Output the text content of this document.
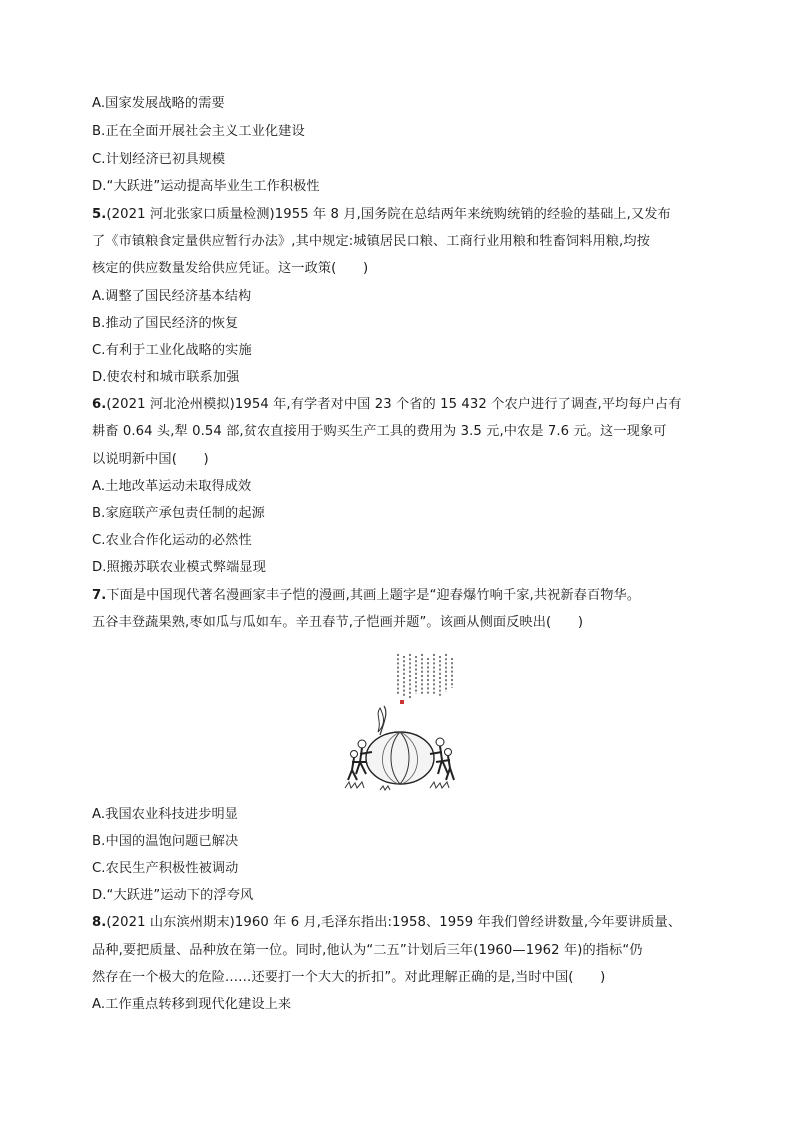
A.国家发展战略的需要
B.正在全面开展社会主义工业化建设
C.计划经济已初具规模
D.“大跃进”运动提高毕业生工作积极性
5.(2021 河北张家口质量检测)1955 年 8 月,国务院在总结两年来统购统销的经验的基础上,又发布
了《市镇粮食定量供应暂行办法》,其中规定:城镇居民口粮、工商行业用粮和牲畜饲料用粮,均按
核定的供应数量发给供应凭证。这一政策(　　)
A.调整了国民经济基本结构
B.推动了国民经济的恢复
C.有利于工业化战略的实施
D.使农村和城市联系加强
6.(2021 河北沧州模拟)1954 年,有学者对中国 23 个省的 15 432 个农户进行了调查,平均每户占有
耕畜 0.64 头,犁 0.54 部,贫农直接用于购买生产工具的费用为 3.5 元,中农是 7.6 元。这一现象可
以说明新中国(　　)
A.土地改革运动未取得成效
B.家庭联产承包责任制的起源
C.农业合作化运动的必然性
D.照搬苏联农业模式弊端显现
7.下面是中国现代著名漫画家丰子恺的漫画,其画上题字是“迎春爆竹响千家,共祝新春百物华。
五谷丰登蔬果熟,枣如瓜与瓜如车。辛丑春节,子恺画并题”。该画从侧面反映出(　　)
A.我国农业科技进步明显
B.中国的温饱问题已解决
C.农民生产积极性被调动
D.“大跃进”运动下的浮夸风
8.(2021 山东滨州期末)1960 年 6 月,毛泽东指出:1958、1959 年我们曾经讲数量,今年要讲质量、
品种,要把质量、品种放在第一位。同时,他认为“二五”计划后三年(1960—1962 年)的指标“仍
然存在一个极大的危险……还要打一个大大的折扣”。对此理解正确的是,当时中国(　　)
A.工作重点转移到现代化建设上来
